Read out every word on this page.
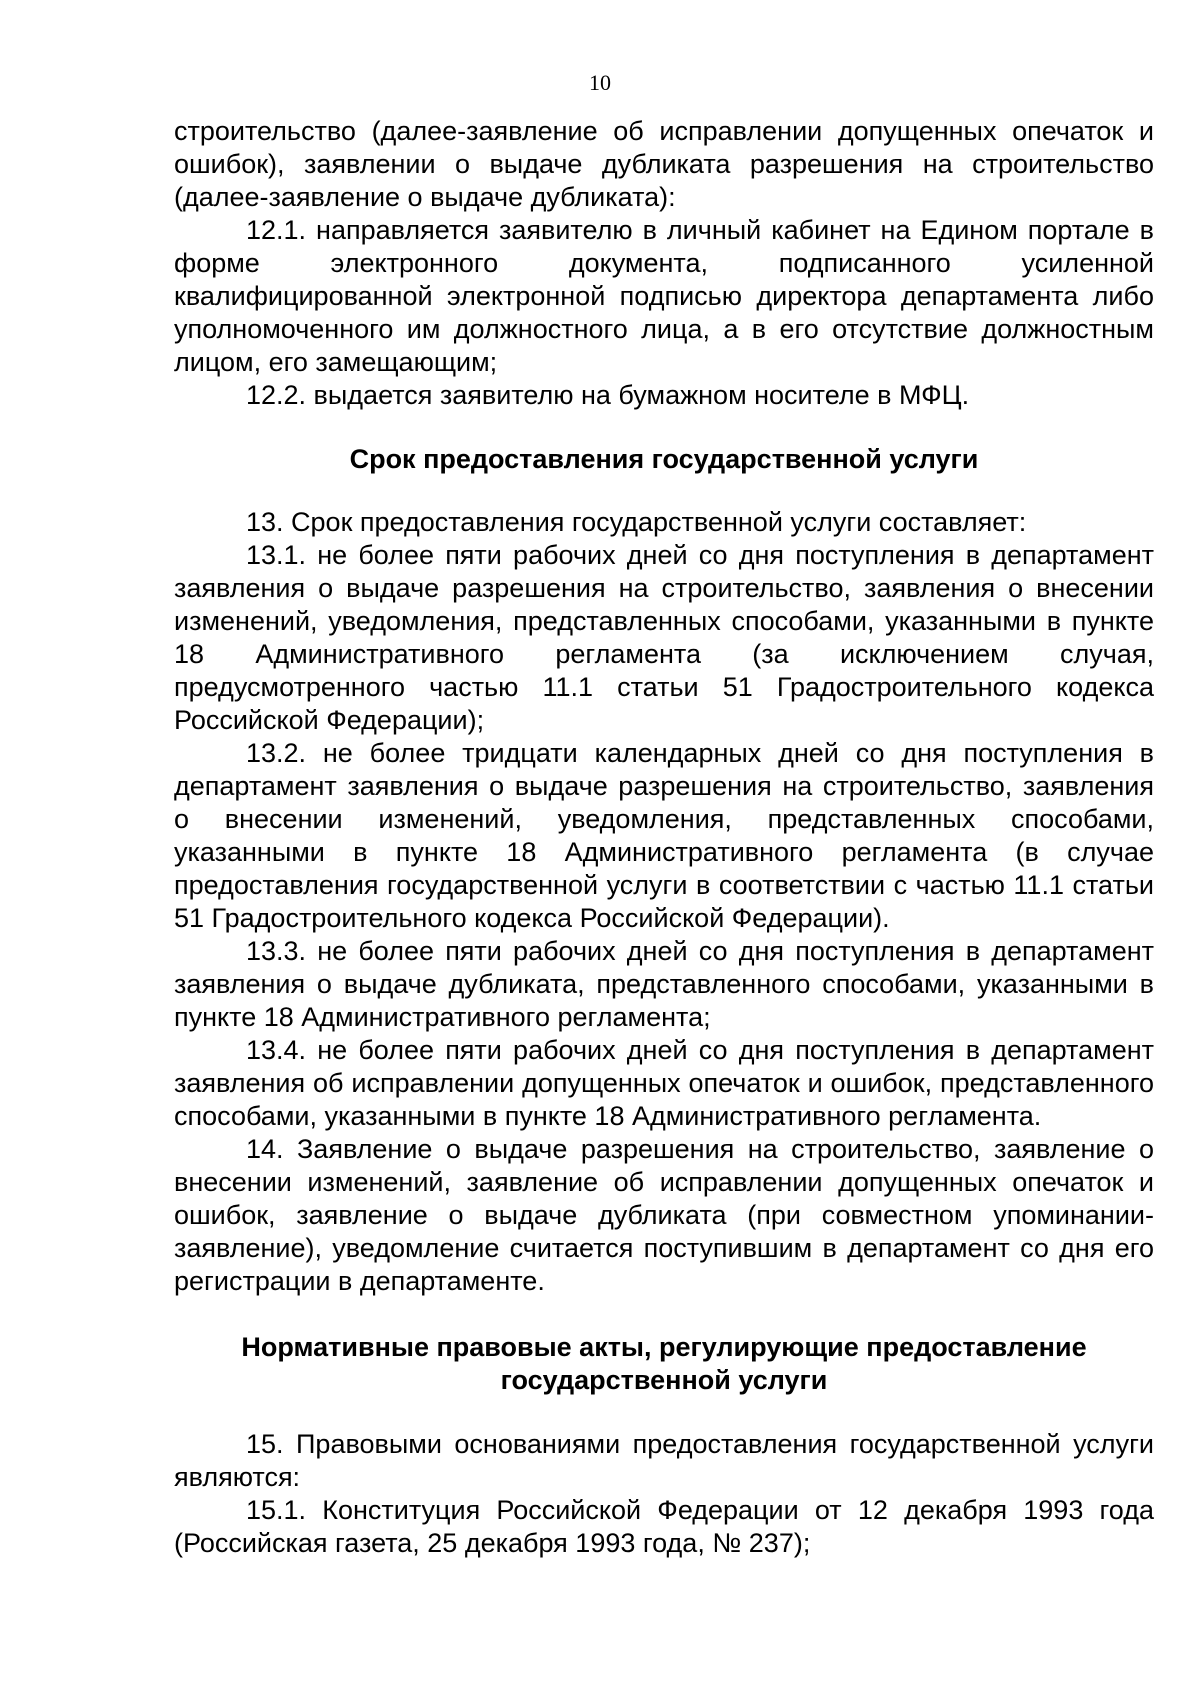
10

строительство (далее-заявление об исправлении допущенных опечаток и ошибок), заявлении о выдаче дубликата разрешения на строительство (далее-заявление о выдаче дубликата):

12.1. направляется заявителю в личный кабинет на Едином портале в форме электронного документа, подписанного усиленной квалифицированной электронной подписью директора департамента либо уполномоченного им должностного лица, а в его отсутствие должностным лицом, его замещающим;

12.2. выдается заявителю на бумажном носителе в МФЦ.

Срок предоставления государственной услуги

13. Срок предоставления государственной услуги составляет:

13.1. не более пяти рабочих дней со дня поступления в департамент заявления о выдаче разрешения на строительство, заявления о внесении изменений, уведомления, представленных способами, указанными в пункте 18 Административного регламента (за исключением случая, предусмотренного частью 11.1 статьи 51 Градостроительного кодекса Российской Федерации);

13.2. не более тридцати календарных дней со дня поступления в департамент заявления о выдаче разрешения на строительство, заявления о внесении изменений, уведомления, представленных способами, указанными в пункте 18 Административного регламента (в случае предоставления государственной услуги в соответствии с частью 11.1 статьи 51 Градостроительного кодекса Российской Федерации).

13.3. не более пяти рабочих дней со дня поступления в департамент заявления о выдаче дубликата, представленного способами, указанными в пункте 18 Административного регламента;

13.4. не более пяти рабочих дней со дня поступления в департамент заявления об исправлении допущенных опечаток и ошибок, представленного способами, указанными в пункте 18 Административного регламента.

14. Заявление о выдаче разрешения на строительство, заявление о внесении изменений, заявление об исправлении допущенных опечаток и ошибок, заявление о выдаче дубликата (при совместном упоминании-заявление), уведомление считается поступившим в департамент со дня его регистрации в департаменте.

Нормативные правовые акты, регулирующие предоставление
государственной услуги

15. Правовыми основаниями предоставления государственной услуги являются:

15.1. Конституция Российской Федерации от 12 декабря 1993 года (Российская газета, 25 декабря 1993 года, № 237);
